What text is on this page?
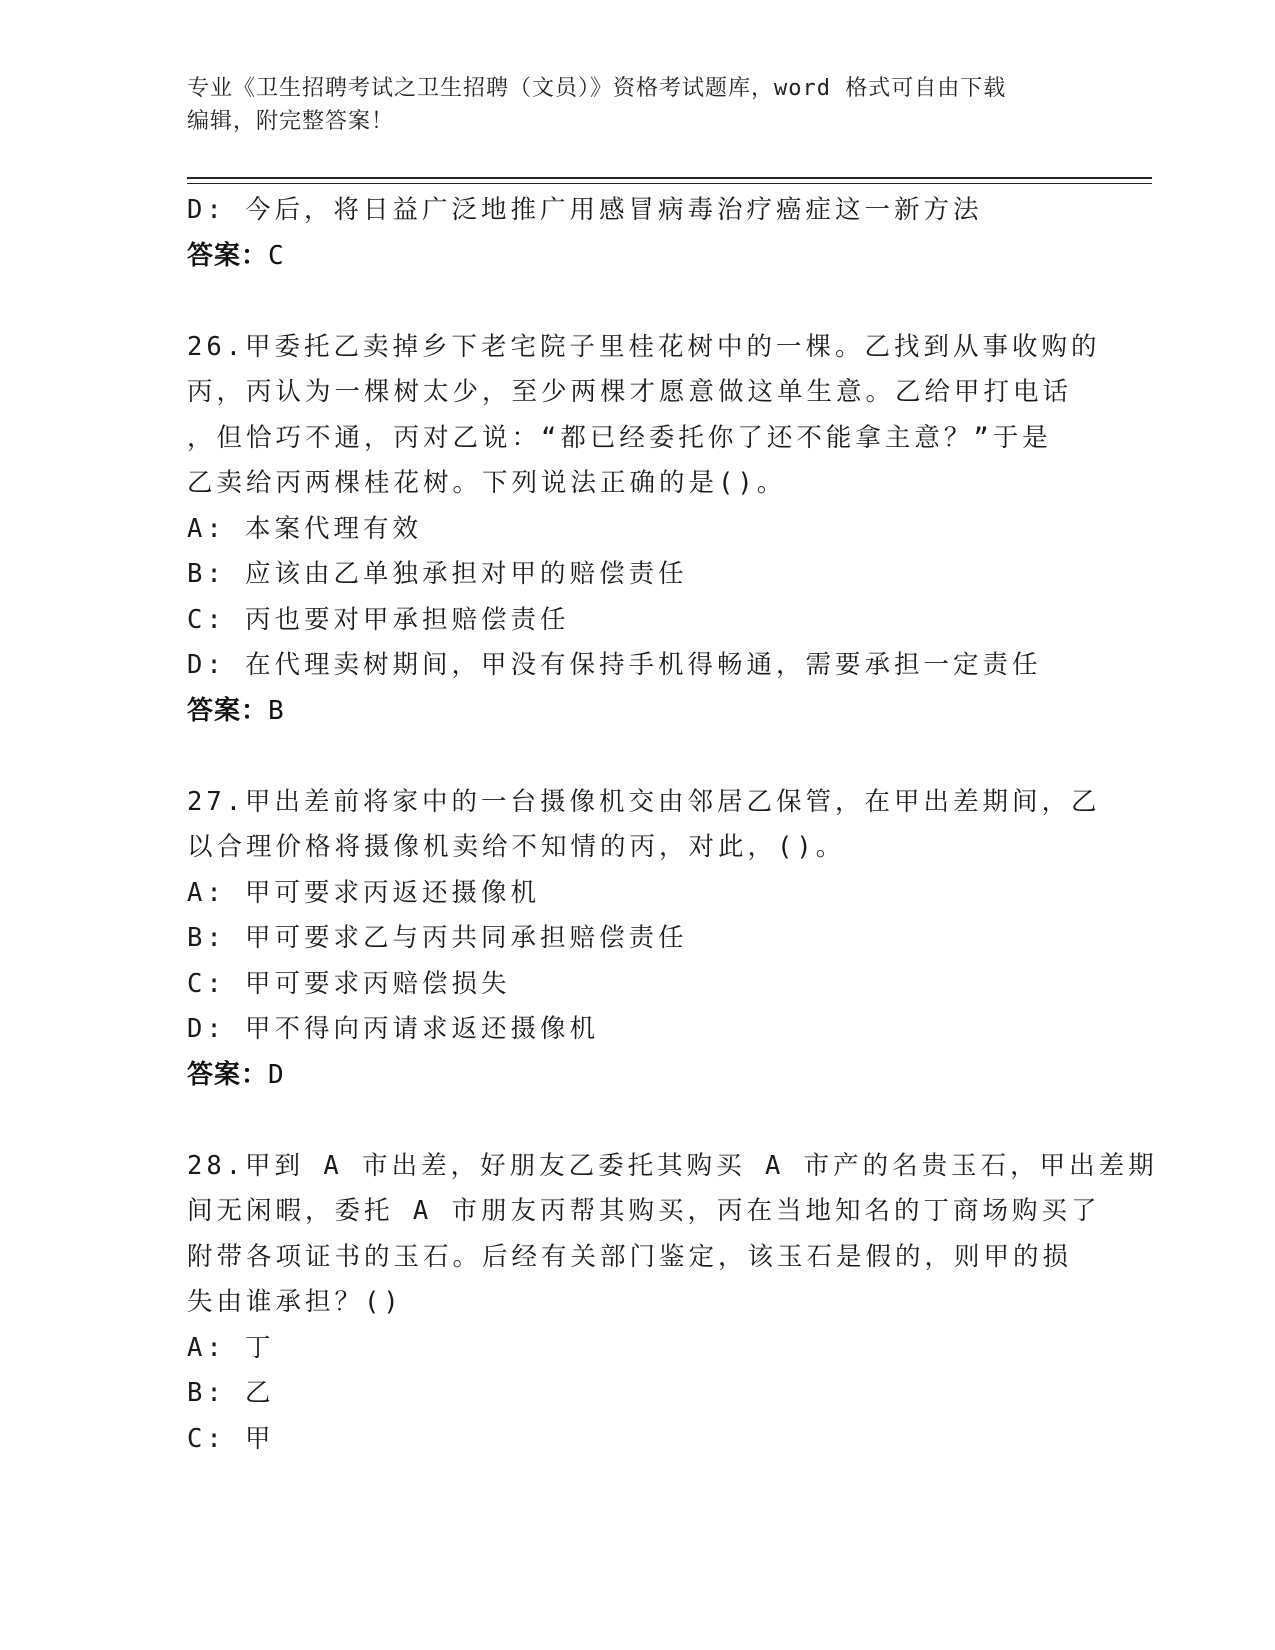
专业《卫生招聘考试之卫生招聘（文员）》资格考试题库，word 格式可自由下载
编辑，附完整答案！
D: 今后，将日益广泛地推广用感冒病毒治疗癌症这一新方法
答案：C
26.甲委托乙卖掉乡下老宅院子里桂花树中的一棵。乙找到从事收购的
丙，丙认为一棵树太少，至少两棵才愿意做这单生意。乙给甲打电话
，但恰巧不通，丙对乙说：“都已经委托你了还不能拿主意？”于是
乙卖给丙两棵桂花树。下列说法正确的是()。
A: 本案代理有效
B: 应该由乙单独承担对甲的赔偿责任
C: 丙也要对甲承担赔偿责任
D: 在代理卖树期间，甲没有保持手机得畅通，需要承担一定责任
答案：B
27.甲出差前将家中的一台摄像机交由邻居乙保管，在甲出差期间，乙
以合理价格将摄像机卖给不知情的丙，对此，()。
A: 甲可要求丙返还摄像机
B: 甲可要求乙与丙共同承担赔偿责任
C: 甲可要求丙赔偿损失
D: 甲不得向丙请求返还摄像机
答案：D
28.甲到 A 市出差，好朋友乙委托其购买 A 市产的名贵玉石，甲出差期
间无闲暇，委托 A 市朋友丙帮其购买，丙在当地知名的丁商场购买了
附带各项证书的玉石。后经有关部门鉴定，该玉石是假的，则甲的损
失由谁承担？()
A: 丁
B: 乙
C: 甲
